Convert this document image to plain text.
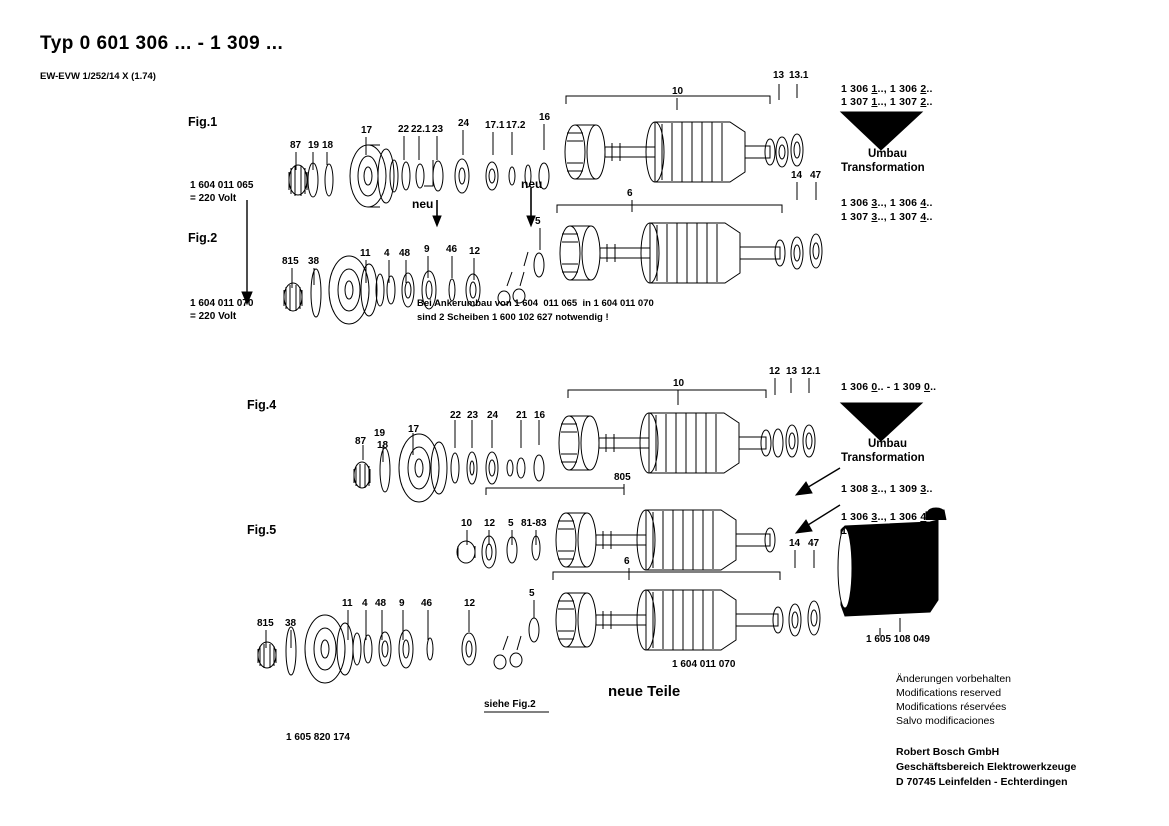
Typ 0 601 306 ... - 1 309 ...
EW-EVW 1/252/14 X (1.74)
Fig.1
Fig.2
Fig.4
Fig.5
1 604 011 065
= 220 Volt
1 604 011 070
= 220 Volt
87 19 18
17	22 22.1 23
24 17.1 17.2
16
10
13 13.1
neu
neu
815 38
11 4 48 9 46 12
5
6
14 47
Bei Ankerumbau von 1 604  011 065  in 1 604 011 070
sind 2 Scheiben 1 600 102 627 notwendig !
1 306 1.., 1 306 2..
1 307 1.., 1 307 2..
Umbau
Transformation
1 306 3.., 1 306 4..
1 307 3.., 1 307 4..
87
19
18
17
22 23 24 21 16
10
12 13 12.1
1 306 0.. - 1 309 0..
Umbau
Transformation
1 308 3.., 1 309 3..
1 306 3.., 1 306 4..
1 307 3.., 1 307 4..
10 12 5 81-83
805
815 38
11 4 48 9 46	12
5
6
14 47
1 605 108 049
1 604 011 070
1 605 820 174
siehe Fig.2
neue Teile
Änderungen vorbehalten
Modifications reserved
Modifications réservées
Salvo modificaciones
Robert Bosch GmbH
Geschäftsbereich Elektrowerkzeuge
D 70745 Leinfelden - Echterdingen
